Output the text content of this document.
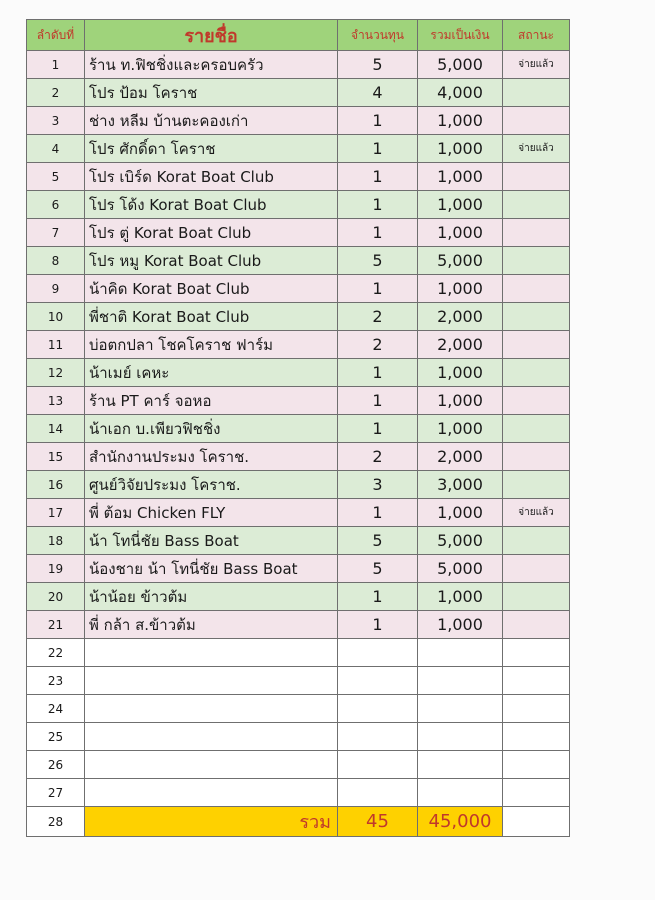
ลำดับที่	รายชื่อ	จำนวนทุน	รวมเป็นเงิน	สถานะ
1	ร้าน ท.ฟิชชิ่งและครอบครัว	5	5,000	จ่ายแล้ว
2	โปร ป้อม โคราช	4	4,000	
3	ช่าง หลีม บ้านตะคองเก่า	1	1,000	
4	โปร ศักดิ์ดา โคราช	1	1,000	จ่ายแล้ว
5	โปร เบิร์ด Korat Boat Club	1	1,000	
6	โปร โด้ง Korat Boat Club	1	1,000	
7	โปร ตู่ Korat Boat Club	1	1,000	
8	โปร หมู Korat Boat Club	5	5,000	
9	น้าคิด Korat Boat Club	1	1,000	
10	พี่ชาติ Korat Boat Club	2	2,000	
11	บ่อตกปลา โชคโคราช ฟาร์ม	2	2,000	
12	น้าเมย์ เคหะ	1	1,000	
13	ร้าน PT คาร์ จอหอ	1	1,000	
14	น้าเอก บ.เพียวฟิชชิ่ง	1	1,000	
15	สำนักงานประมง โคราช.	2	2,000	
16	ศูนย์วิจัยประมง โคราช.	3	3,000	
17	พี่ ต้อม Chicken FLY	1	1,000	จ่ายแล้ว
18	น้า โทนี่ชัย Bass Boat	5	5,000	
19	น้องชาย น้า โทนี่ชัย Bass Boat	5	5,000	
20	น้าน้อย ข้าวต้ม	1	1,000	
21	พี่ กล้า ส.ข้าวต้ม	1	1,000	
22				
23				
24				
25				
26				
27				
28	รวม	45	45,000	
